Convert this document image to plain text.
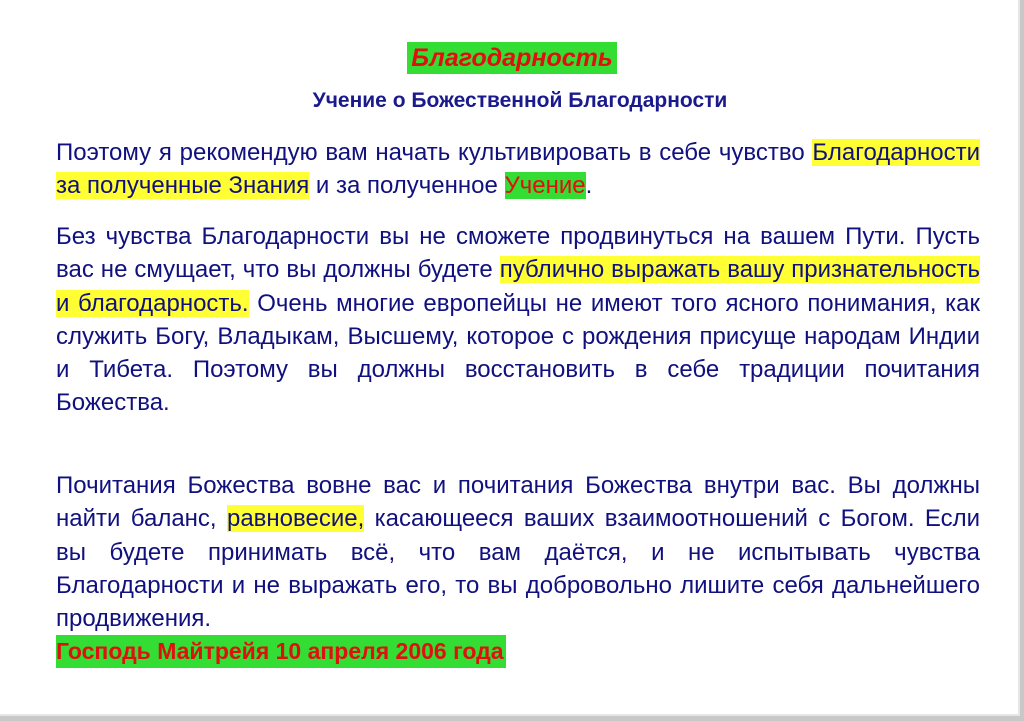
Благодарность
Учение о Божественной Благодарности

Поэтому я рекомендую вам начать культивировать в себе чувство Благодарности за полученные Знания и за полученное Учение.

Без чувства Благодарности вы не сможете продвинуться на вашем Пути. Пусть вас не смущает, что вы должны будете публично выражать вашу признательность и благодарность. Очень многие европейцы не имеют того ясного понимания, как служить Богу, Владыкам, Высшему, которое с рождения присуще народам Индии и Тибета. Поэтому вы должны восстановить в себе традиции почитания Божества.

Почитания Божества вовне вас и почитания Божества внутри вас. Вы должны найти баланс, равновесие, касающееся ваших взаимоотношений с Богом. Если вы будете принимать всё, что вам даётся, и не испытывать чувства Благодарности и не выражать его, то вы добровольно лишите себя дальнейшего продвижения.

Господь Майтрейя 10 апреля 2006 года
